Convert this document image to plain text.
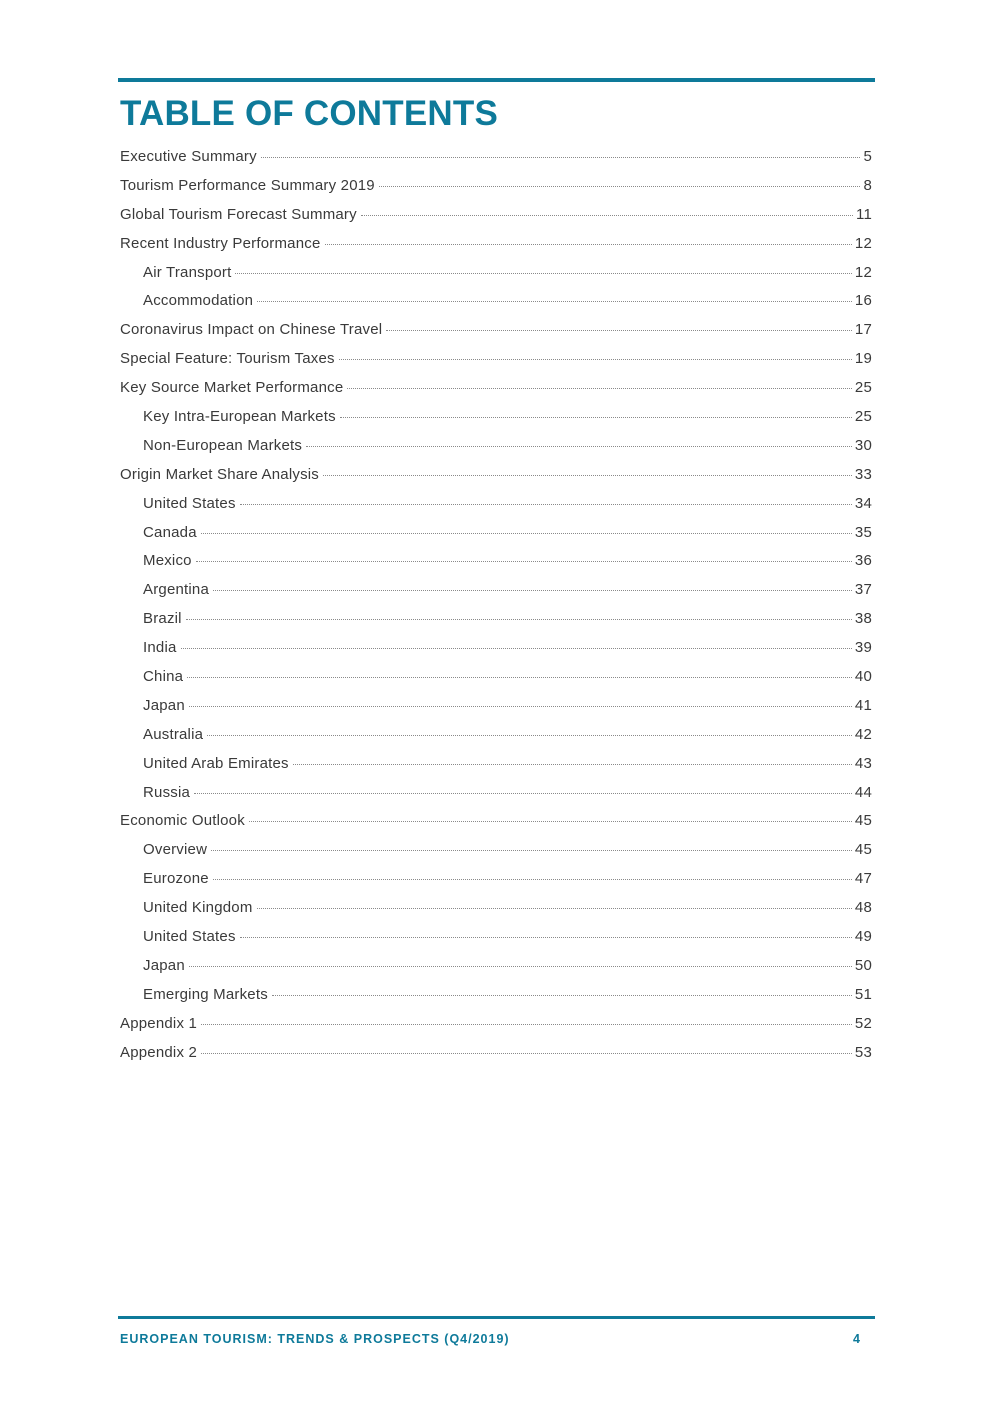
TABLE OF CONTENTS
Executive Summary	5
Tourism Performance Summary 2019	8
Global Tourism Forecast Summary	11
Recent Industry Performance	12
Air Transport	12
Accommodation	16
Coronavirus Impact on Chinese Travel	17
Special Feature: Tourism Taxes	19
Key Source Market Performance	25
Key Intra-European Markets	25
Non-European Markets	30
Origin Market Share Analysis	33
United States	34
Canada	35
Mexico	36
Argentina	37
Brazil	38
India	39
China	40
Japan	41
Australia	42
United Arab Emirates	43
Russia	44
Economic Outlook	45
Overview	45
Eurozone	47
United Kingdom	48
United States	49
Japan	50
Emerging Markets	51
Appendix 1	52
Appendix 2	53
EUROPEAN TOURISM: TRENDS & PROSPECTS (Q4/2019)	4
